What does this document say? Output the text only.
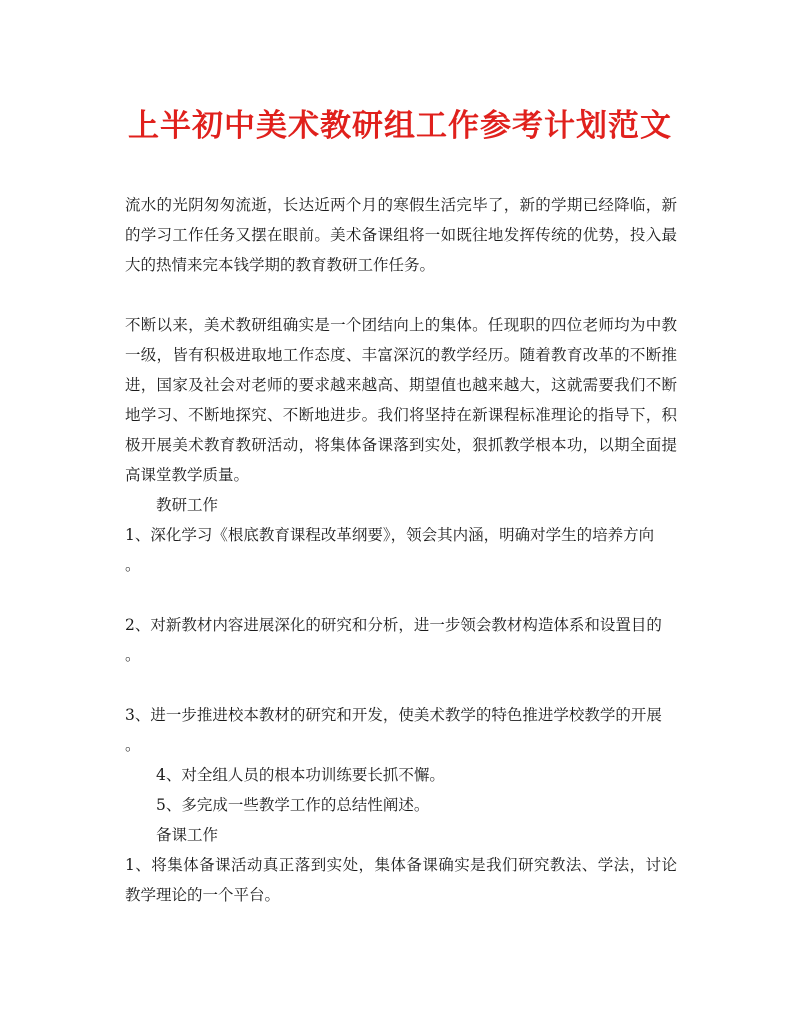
上半初中美术教研组工作参考计划范文

流水的光阴匆匆流逝，长达近两个月的寒假生活完毕了，新的学期已经降临，新的学习工作任务又摆在眼前。美术备课组将一如既往地发挥传统的优势，投入最大的热情来完本钱学期的教育教研工作任务。

不断以来，美术教研组确实是一个团结向上的集体。任现职的四位老师均为中教一级，皆有积极进取地工作态度、丰富深沉的教学经历。随着教育改革的不断推进，国家及社会对老师的要求越来越高、期望值也越来越大，这就需要我们不断地学习、不断地探究、不断地进步。我们将坚持在新课程标准理论的指导下，积极开展美术教育教研活动，将集体备课落到实处，狠抓教学根本功，以期全面提高课堂教学质量。

教研工作

1、深化学习《根底教育课程改革纲要》，领会其内涵，明确对学生的培养方向

。

2、对新教材内容进展深化的研究和分析，进一步领会教材构造体系和设置目的

。

3、进一步推进校本教材的研究和开发，使美术教学的特色推进学校教学的开展

。

4、对全组人员的根本功训练要长抓不懈。

5、多完成一些教学工作的总结性阐述。

备课工作

1、将集体备课活动真正落到实处，集体备课确实是我们研究教法、学法，讨论教学理论的一个平台。
